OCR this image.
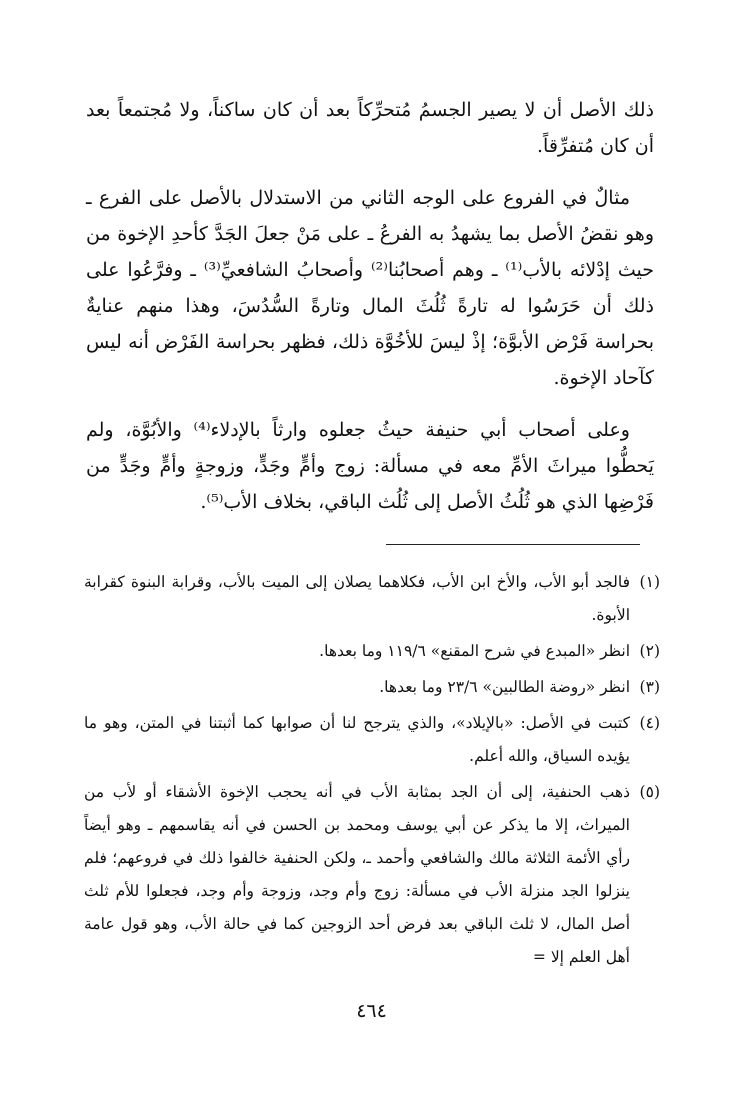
ذلك الأصل أن لا يصير الجسمُ مُتحرِّكاً بعد أن كان ساكناً، ولا مُجتمعاً بعد أن كان مُتفرِّقاً.

مثالٌ في الفروع على الوجه الثاني من الاستدلال بالأصل على الفرع ـ وهو نقضُ الأصل بما يشهدُ به الفرعُ ـ على مَنْ جعلَ الجَدَّ كأحدِ الإخوة من حيث إدْلائه بالأب⁽¹⁾ ـ وهم أصحابُنا⁽²⁾ وأصحابُ الشافعيِّ⁽³⁾ ـ وفرَّعُوا على ذلك أن حَرَسُوا له تارةً ثُلُثَ المال وتارةً السُّدُسَ، وهذا منهم عنايةٌ بحراسة فَرْض الأبوَّة؛ إذْ ليسَ للأخُوَّة ذلك، فظهر بحراسة الفَرْض أنه ليس كآحاد الإخوة.

وعلى أصحاب أبي حنيفة حيثُ جعلوه وارثاً بالإدلاء⁽⁴⁾ والأبُوَّة، ولم يَحطُّوا ميراثَ الأمِّ معه في مسألة: زوج وأمٍّ وجَدٍّ، وزوجةٍ وأمٍّ وجَدٍّ من فَرْضِها الذي هو ثُلُثُ الأصل إلى ثُلُث الباقي، بخلاف الأب⁽⁵⁾.

(١)
فالجد أبو الأب، والأخ ابن الأب، فكلاهما يصلان إلى الميت بالأب، وقرابة البنوة كقرابة الأبوة.
(٢)
انظر «المبدع في شرح المقنع» ١١٩/٦ وما بعدها.
(٣)
انظر «روضة الطالبين» ٢٣/٦ وما بعدها.
(٤)
كتبت في الأصل: «بالإيلاد»، والذي يترجح لنا أن صوابها كما أثبتنا في المتن، وهو ما يؤيده السياق، والله أعلم.
(٥)
ذهب الحنفية، إلى أن الجد بمثابة الأب في أنه يحجب الإخوة الأشقاء أو لأب من الميراث، إلا ما يذكر عن أبي يوسف ومحمد بن الحسن في أنه يقاسمهم ـ وهو أيضاً رأي الأئمة الثلاثة مالك والشافعي وأحمد ـ، ولكن الحنفية خالفوا ذلك في فروعهم؛ فلم ينزلوا الجد منزلة الأب في مسألة: زوج وأم وجد، وزوجة وأم وجد، فجعلوا للأم ثلث أصل المال، لا ثلث الباقي بعد فرض أحد الزوجين كما في حالة الأب، وهو قول عامة أهل العلم إلا =
٤٦٤
